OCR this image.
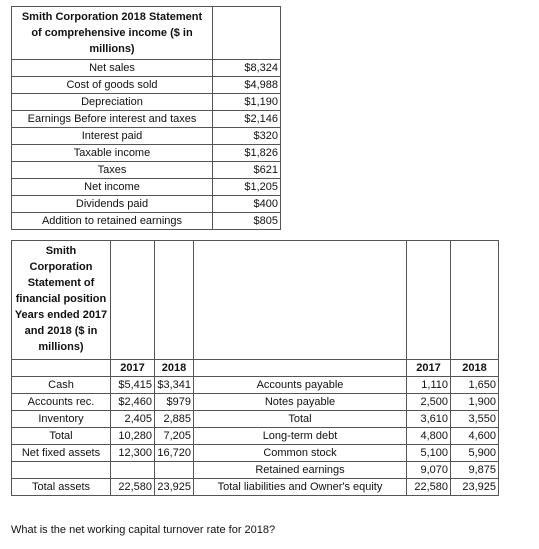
Smith Corporation 2018 Statement of comprehensive income ($ in millions)	
Net sales	$8,324
Cost of goods sold	$4,988
Depreciation	$1,190
Earnings Before interest and taxes	$2,146
Interest paid	$320
Taxable income	$1,826
Taxes	$621
Net income	$1,205
Dividends paid	$400
Addition to retained earnings	$805
Smith Corporation Statement of financial position Years ended 2017 and 2018 ($ in millions)					
	2017	2018		2017	2018
Cash	$5,415	$3,341	Accounts payable	1,110	1,650
Accounts rec.	$2,460	$979	Notes payable	2,500	1,900
Inventory	2,405	2,885	Total	3,610	3,550
Total	10,280	7,205	Long-term debt	4,800	4,600
Net fixed assets	12,300	16,720	Common stock	5,100	5,900
			Retained earnings	9,070	9,875
Total assets	22,580	23,925	Total liabilities and Owner's equity	22,580	23,925
What is the net working capital turnover rate for 2018?
